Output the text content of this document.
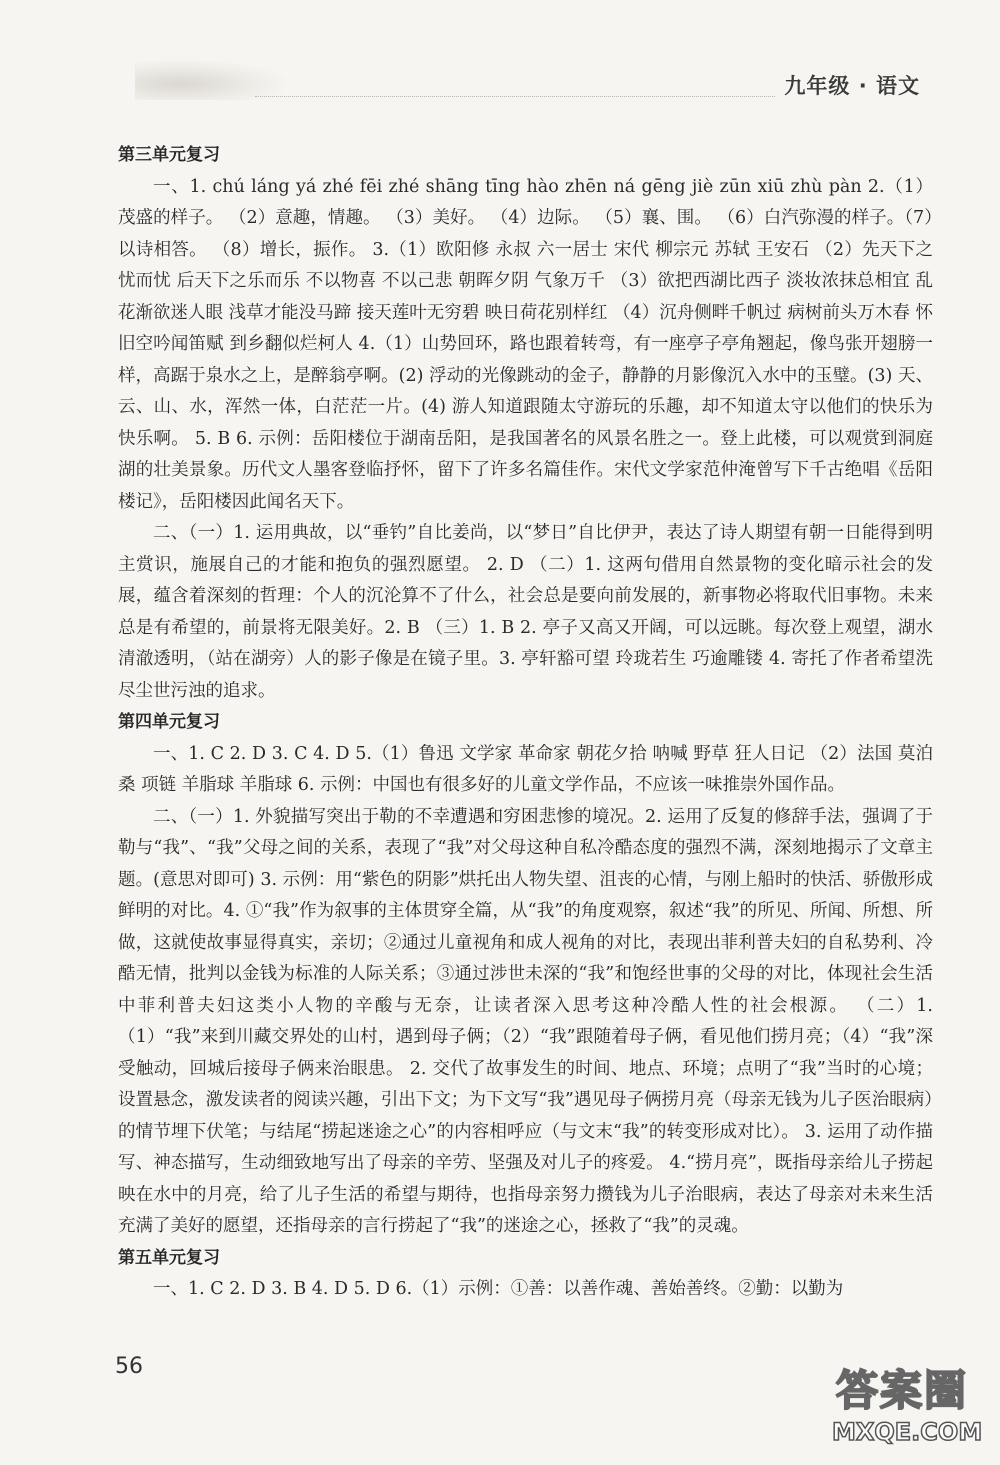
九年级 · 语文
第三单元复习

一、1. chú láng yá zhé fēi zhé shāng tīng hào zhēn ná gēng jiè zūn xiū zhù pàn 2.（1）茂盛的样子。 （2）意趣，情趣。 （3）美好。 （4）边际。 （5）襄、围。 （6）白汽弥漫的样子。（7）以诗相答。 （8）增长，振作。 3.（1）欧阳修 永叔 六一居士 宋代 柳宗元 苏轼 王安石 （2）先天下之忧而忧 后天下之乐而乐 不以物喜 不以己悲 朝晖夕阴 气象万千 （3）欲把西湖比西子 淡妆浓抹总相宜 乱花渐欲迷人眼 浅草才能没马蹄 接天莲叶无穷碧 映日荷花别样红 （4）沉舟侧畔千帆过 病树前头万木春 怀旧空吟闻笛赋 到乡翻似烂柯人 4.（1）山势回环，路也跟着转弯，有一座亭子亭角翘起，像鸟张开翅膀一样，高踞于泉水之上，是醉翁亭啊。(2) 浮动的光像跳动的金子，静静的月影像沉入水中的玉璧。(3) 天、云、山、水，浑然一体，白茫茫一片。(4) 游人知道跟随太守游玩的乐趣，却不知道太守以他们的快乐为快乐啊。 5. B 6. 示例：岳阳楼位于湖南岳阳，是我国著名的风景名胜之一。登上此楼，可以观赏到洞庭湖的壮美景象。历代文人墨客登临抒怀，留下了许多名篇佳作。宋代文学家范仲淹曾写下千古绝唱《岳阳楼记》，岳阳楼因此闻名天下。

二、（一）1. 运用典故，以“垂钓”自比姜尚，以“梦日”自比伊尹，表达了诗人期望有朝一日能得到明主赏识，施展自己的才能和抱负的强烈愿望。 2. D （二）1. 这两句借用自然景物的变化暗示社会的发展，蕴含着深刻的哲理：个人的沉沦算不了什么，社会总是要向前发展的，新事物必将取代旧事物。未来总是有希望的，前景将无限美好。2. B （三）1. B 2. 亭子又高又开阔，可以远眺。每次登上观望，湖水清澈透明，（站在湖旁）人的影子像是在镜子里。3. 亭轩豁可望 玲珑若生 巧逾雕镂 4. 寄托了作者希望洗尽尘世污浊的追求。

第四单元复习

一、1. C 2. D 3. C 4. D 5.（1）鲁迅 文学家 革命家 朝花夕拾 呐喊 野草 狂人日记 （2）法国 莫泊桑 项链 羊脂球 羊脂球 6. 示例：中国也有很多好的儿童文学作品，不应该一味推崇外国作品。

二、（一）1. 外貌描写突出于勒的不幸遭遇和穷困悲惨的境况。2. 运用了反复的修辞手法，强调了于勒与“我”、“我”父母之间的关系，表现了“我”对父母这种自私冷酷态度的强烈不满，深刻地揭示了文章主题。(意思对即可) 3. 示例：用“紫色的阴影”烘托出人物失望、沮丧的心情，与刚上船时的快活、骄傲形成鲜明的对比。4. ①“我”作为叙事的主体贯穿全篇，从“我”的角度观察，叙述“我”的所见、所闻、所想、所做，这就使故事显得真实，亲切；②通过儿童视角和成人视角的对比，表现出菲利普夫妇的自私势利、冷酷无情，批判以金钱为标准的人际关系；③通过涉世未深的“我”和饱经世事的父母的对比，体现社会生活中菲利普夫妇这类小人物的辛酸与无奈，让读者深入思考这种冷酷人性的社会根源。 （二）1.（1）“我”来到川藏交界处的山村，遇到母子俩；（2）“我”跟随着母子俩，看见他们捞月亮；（4）“我”深受触动，回城后接母子俩来治眼患。 2. 交代了故事发生的时间、地点、环境；点明了“我”当时的心境；设置悬念，激发读者的阅读兴趣，引出下文；为下文写“我”遇见母子俩捞月亮（母亲无钱为儿子医治眼病）的情节埋下伏笔；与结尾“捞起迷途之心”的内容相呼应（与文末“我”的转变形成对比）。 3. 运用了动作描写、神态描写，生动细致地写出了母亲的辛劳、坚强及对儿子的疼爱。 4.“捞月亮”，既指母亲给儿子捞起映在水中的月亮，给了儿子生活的希望与期待，也指母亲努力攒钱为儿子治眼病，表达了母亲对未来生活充满了美好的愿望，还指母亲的言行捞起了“我”的迷途之心，拯救了“我”的灵魂。

第五单元复习

一、1. C 2. D 3. B 4. D 5. D 6.（1）示例：①善：以善作魂、善始善终。②勤：以勤为

56	答案圈
MXQE.COM
